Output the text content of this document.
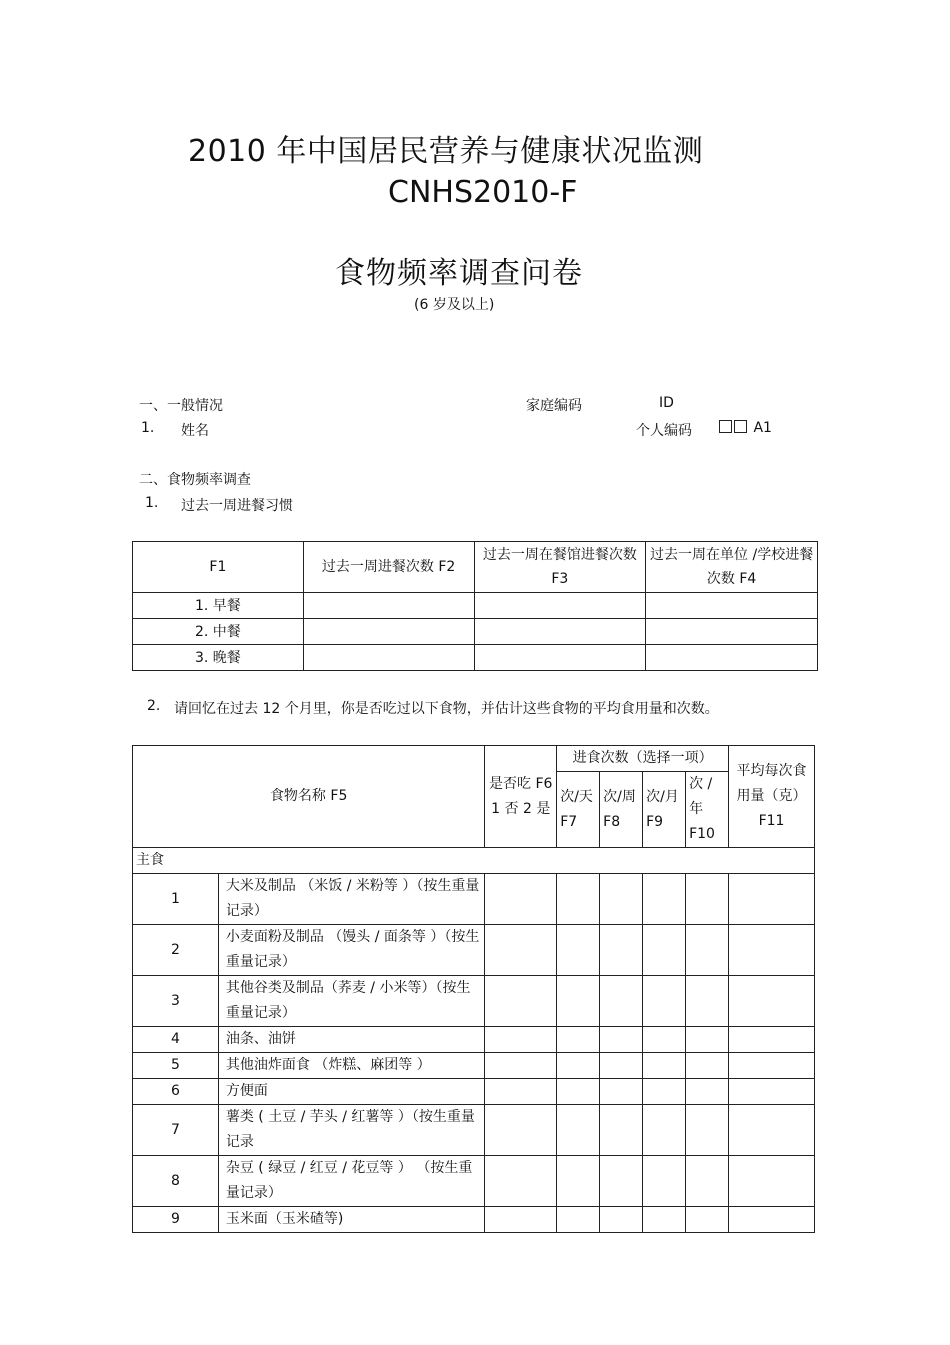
2010 年中国居民营养与健康状况监测
CNHS2010-F
食物频率调查问卷
(6 岁及以上)
一、一般情况	家庭编码	ID
1. 姓名	个人编码	A1
二、食物频率调查
1. 过去一周进餐习惯
F1	过去一周进餐次数 F2	过去一周在餐馆进餐次数 F3	过去一周在单位 /学校进餐次数 F4
1. 早餐			
2. 中餐			
3. 晚餐			
2. 请回忆在过去 12 个月里，你是否吃过以下食物，并估计这些食物的平均食用量和次数。
食物名称 F5		是否吃 F6 1 否 2 是	进食次数（选择一项）				平均每次食用量（克）F11
			次/天 F7	次/周 F8	次/月 F9	次 / 年 F10	
主食							
1	大米及制品 （米饭 / 米粉等 ）（按生重量记录）						
2	小麦面粉及制品 （馒头 / 面条等 ）（按生重量记录）						
3	其他谷类及制品（荞麦 / 小米等）（按生重量记录）						
4	油条、油饼						
5	其他油炸面食 （炸糕、麻团等 ）						
6	方便面						
7	薯类 ( 土豆 / 芋头 / 红薯等 ）（按生重量记录						
8	杂豆 ( 绿豆 / 红豆 / 花豆等 ） （按生重量记录）						
9	玉米面（玉米碴等)						
